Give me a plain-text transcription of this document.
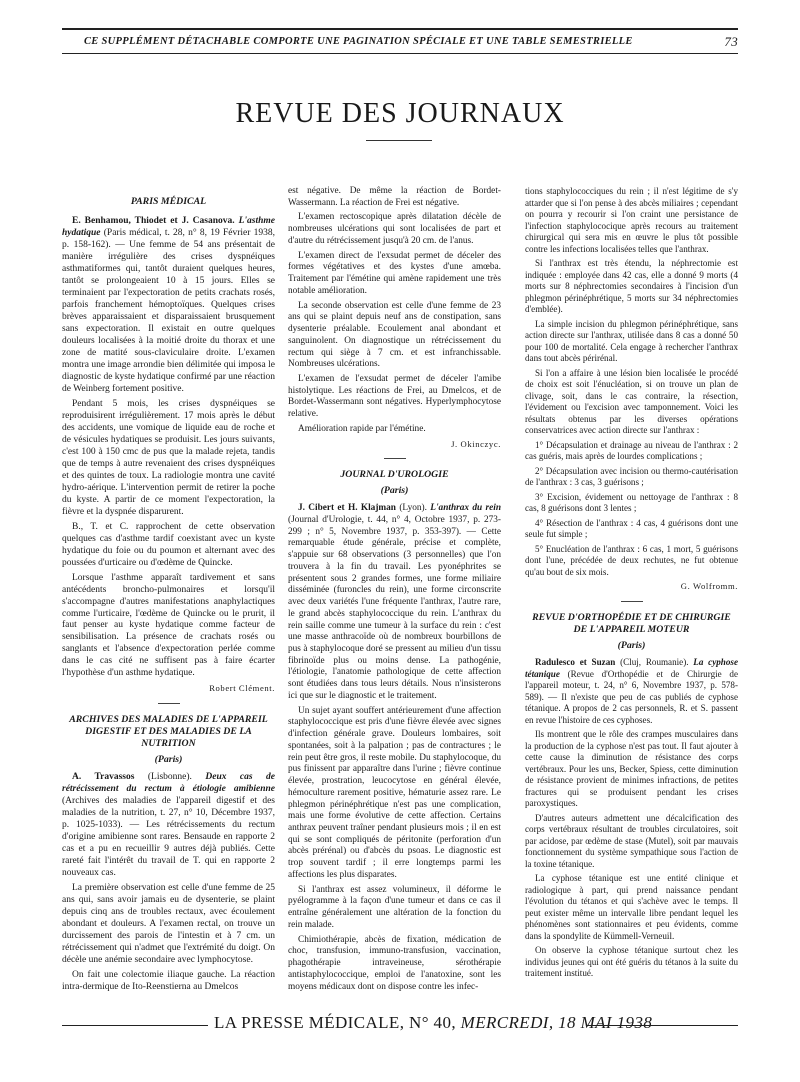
CE SUPPLÉMENT DÉTACHABLE COMPORTE UNE PAGINATION SPÉCIALE ET UNE TABLE SEMESTRIELLE	73
REVUE DES JOURNAUX
PARIS MÉDICAL

E. Benhamou, Thiodet et J. Casanova. L'asthme hydatique (Paris médical, t. 28, n° 8, 19 Février 1938, p. 158-162). — Une femme de 54 ans présentait de manière irrégulière des crises dyspnéiques asthmatiformes qui, tantôt duraient quelques heures, tantôt se prolongeaient 10 à 15 jours. Elles se terminaient par l'expectoration de petits crachats rosés, parfois franchement hémoptoïques. Quelques crises brèves apparaissaient et disparaissaient brusquement sans expectoration. Il existait en outre quelques douleurs localisées à la moitié droite du thorax et une zone de matité sous-claviculaire droite. L'examen montra une image arrondie bien délimitée qui imposa le diagnostic de kyste hydatique confirmé par une réaction de Weinberg fortement positive.

Pendant 5 mois, les crises dyspnéiques se reproduisirent irrégulièrement. 17 mois après le début des accidents, une vomique de liquide eau de roche et de vésicules hydatiques se produisit. Les jours suivants, c'est 100 à 150 cmc de pus que la malade rejeta, tandis que de temps à autre revenaient des crises dyspnéiques et des quintes de toux. La radiologie montra une cavité hydro-aérique. L'intervention permit de retirer la poche du kyste. A partir de ce moment l'expectoration, la fièvre et la dyspnée disparurent.

B., T. et C. rapprochent de cette observation quelques cas d'asthme tardif coexistant avec un kyste hydatique du foie ou du poumon et alternant avec des poussées d'urticaire ou d'œdème de Quincke.

Lorsque l'asthme apparaît tardivement et sans antécédents broncho-pulmonaires et lorsqu'il s'accompagne d'autres manifestations anaphylactiques comme l'urticaire, l'œdème de Quincke ou le prurit, il faut penser au kyste hydatique comme facteur de sensibilisation. La présence de crachats rosés ou sanglants et l'absence d'expectoration perlée comme dans le cas cité ne suffisent pas à faire écarter l'hypothèse d'un asthme hydatique.

Robert Clément.
ARCHIVES DES MALADIES DE L'APPAREIL DIGESTIF ET DES MALADIES DE LA NUTRITION
(Paris)

A. Travassos (Lisbonne). Deux cas de rétrécissement du rectum à étiologie amibienne (Archives des maladies de l'appareil digestif et des maladies de la nutrition, t. 27, n° 10, Décembre 1937, p. 1025-1033). — Les rétrécissements du rectum d'origine amibienne sont rares. Bensaude en rapporte 2 cas et a pu en recueillir 9 autres déjà publiés. Cette rareté fait l'intérêt du travail de T. qui en rapporte 2 nouveaux cas.

La première observation est celle d'une femme de 25 ans qui, sans avoir jamais eu de dysenterie, se plaint depuis cinq ans de troubles rectaux, avec écoulement abondant et douleurs. A l'examen rectal, on trouve un durcissement des parois de l'intestin et à 7 cm. un rétrécissement qui n'admet que l'extrémité du doigt. On décèle une anémie secondaire avec lymphocytose.

On fait une colectomie iliaque gauche. La réaction intra-dermique de Ito-Reenstierna au Dmelcos

est négative. De même la réaction de Bordet-Wassermann. La réaction de Frei est négative.

L'examen rectoscopique après dilatation décèle de nombreuses ulcérations qui sont localisées de part et d'autre du rétrécissement jusqu'à 20 cm. de l'anus.

L'examen direct de l'exsudat permet de déceler des formes végétatives et des kystes d'une amœba. Traitement par l'émétine qui amène rapidement une très notable amélioration.

La seconde observation est celle d'une femme de 23 ans qui se plaint depuis neuf ans de constipation, sans dysenterie préalable. Ecoulement anal abondant et sanguinolent. On diagnostique un rétrécissement du rectum qui siège à 7 cm. et est infranchissable. Nombreuses ulcérations.

L'examen de l'exsudat permet de déceler l'amibe histolytique. Les réactions de Frei, au Dmelcos, et de Bordet-Wassermann sont négatives. Hyperlymphocytose relative.

Amélioration rapide par l'émétine.

J. Okinczyc.
JOURNAL D'UROLOGIE
(Paris)

J. Cibert et H. Klajman (Lyon). L'anthrax du rein (Journal d'Urologie, t. 44, n° 4, Octobre 1937, p. 273-299 ; n° 5, Novembre 1937, p. 353-397). — Cette remarquable étude générale, précise et complète, s'appuie sur 68 observations (3 personnelles) que l'on trouvera à la fin du travail. Les pyonéphrites se présentent sous 2 grandes formes, une forme miliaire disséminée (furoncles du rein), une forme circonscrite avec deux variétés l'une fréquente l'anthrax, l'autre rare, le grand abcès staphylococcique du rein. L'anthrax du rein saille comme une tumeur à la surface du rein : c'est une masse anthracoïde où de nombreux bourbillons de pus à staphylocoque doré se pressent au milieu d'un tissu fibrinoïde plus ou moins dense. La pathogénie, l'étiologie, l'anatomie pathologique de cette affection sont étudiées dans tous leurs détails. Nous n'insisterons ici que sur le diagnostic et le traitement.

Un sujet ayant souffert antérieurement d'une affection staphylococcique est pris d'une fièvre élevée avec signes d'infection générale grave. Douleurs lombaires, soit spontanées, soit à la palpation ; pas de contractures ; le rein peut être gros, il reste mobile. Du staphylocoque, du pus finissent par apparaître dans l'urine ; fièvre continue élevée, prostration, leucocytose en général élevée, hémoculture rarement positive, hématurie assez rare. Le phlegmon périnéphrétique n'est pas une complication, mais une forme évolutive de cette affection. Certains anthrax peuvent traîner pendant plusieurs mois ; il en est qui se sont compliqués de péritonite (perforation d'un abcès prérénal) ou d'abcès du psoas. Le diagnostic est trop souvent tardif ; il erre longtemps parmi les affections les plus disparates.

Si l'anthrax est assez volumineux, il déforme le pyélogramme à la façon d'une tumeur et dans ce cas il entraîne généralement une altération de la fonction du rein malade.

Chimiothérapie, abcès de fixation, médication de choc, transfusion, immuno-transfusion, vaccination, phagothérapie intraveineuse, sérothérapie antistaphylococcique, emploi de l'anatoxine, sont les moyens médicaux dont on dispose contre les infec-

tions staphylococciques du rein ; il n'est légitime de s'y attarder que si l'on pense à des abcès miliaires ; cependant on pourra y recourir si l'on craint une persistance de l'infection staphylococique après recours au traitement chirurgical qui sera mis en œuvre le plus tôt possible contre les infections localisées telles que l'anthrax.

Si l'anthrax est très étendu, la néphrectomie est indiquée : employée dans 42 cas, elle a donné 9 morts (4 morts sur 8 néphrectomies secondaires à l'incision d'un phlegmon périnéphrétique, 5 morts sur 34 néphrectomies d'emblée).

La simple incision du phlegmon périnéphrétique, sans action directe sur l'anthrax, utilisée dans 8 cas a donné 50 pour 100 de mortalité. Cela engage à rechercher l'anthrax dans tout abcès périrénal.

Si l'on a affaire à une lésion bien localisée le procédé de choix est soit l'énucléation, si on trouve un plan de clivage, soit, dans le cas contraire, la résection, l'évidement ou l'excision avec tamponnement. Voici les résultats obtenus par les diverses opérations conservatrices avec action directe sur l'anthrax :

1° Décapsulation et drainage au niveau de l'anthrax : 2 cas guéris, mais après de lourdes complications ;

2° Décapsulation avec incision ou thermo-cautérisation de l'anthrax : 3 cas, 3 guérisons ;

3° Excision, évidement ou nettoyage de l'anthrax : 8 cas, 8 guérisons dont 3 lentes ;

4° Résection de l'anthrax : 4 cas, 4 guérisons dont une seule fut simple ;

5° Enucléation de l'anthrax : 6 cas, 1 mort, 5 guérisons dont l'une, précédée de deux rechutes, ne fut obtenue qu'au bout de six mois.

G. Wolfromm.
REVUE D'ORTHOPÉDIE ET DE CHIRURGIE DE L'APPAREIL MOTEUR
(Paris)

Radulesco et Suzan (Cluj, Roumanie). La cyphose tétanique (Revue d'Orthopédie et de Chirurgie de l'appareil moteur, t. 24, n° 6, Novembre 1937, p. 578-589). — Il n'existe que peu de cas publiés de cyphose tétanique. A propos de 2 cas personnels, R. et S. passent en revue l'histoire de ces cyphoses.

Ils montrent que le rôle des crampes musculaires dans la production de la cyphose n'est pas tout. Il faut ajouter à cette cause la diminution de résistance des corps vertébraux. Pour les uns, Becker, Spiess, cette diminution de résistance provient de minimes infractions, de petites fractures qui se produisent pendant les crises paroxystiques.

D'autres auteurs admettent une décalcification des corps vertébraux résultant de troubles circulatoires, soit par acidose, par œdème de stase (Mutel), soit par mauvais fonctionnement du système sympathique sous l'action de la toxine tétanique.

La cyphose tétanique est une entité clinique et radiologique à part, qui prend naissance pendant l'évolution du tétanos et qui s'achève avec le temps. Il peut exister même un intervalle libre pendant lequel les phénomènes sont stationnaires et peu évidents, comme dans la spondylite de Kümmell-Verneuil.

On observe la cyphose tétanique surtout chez les individus jeunes qui ont été guéris du tétanos à la suite du traitement institué.

LA PRESSE MÉDICALE, N° 40, MERCREDI, 18 MAI 1938
